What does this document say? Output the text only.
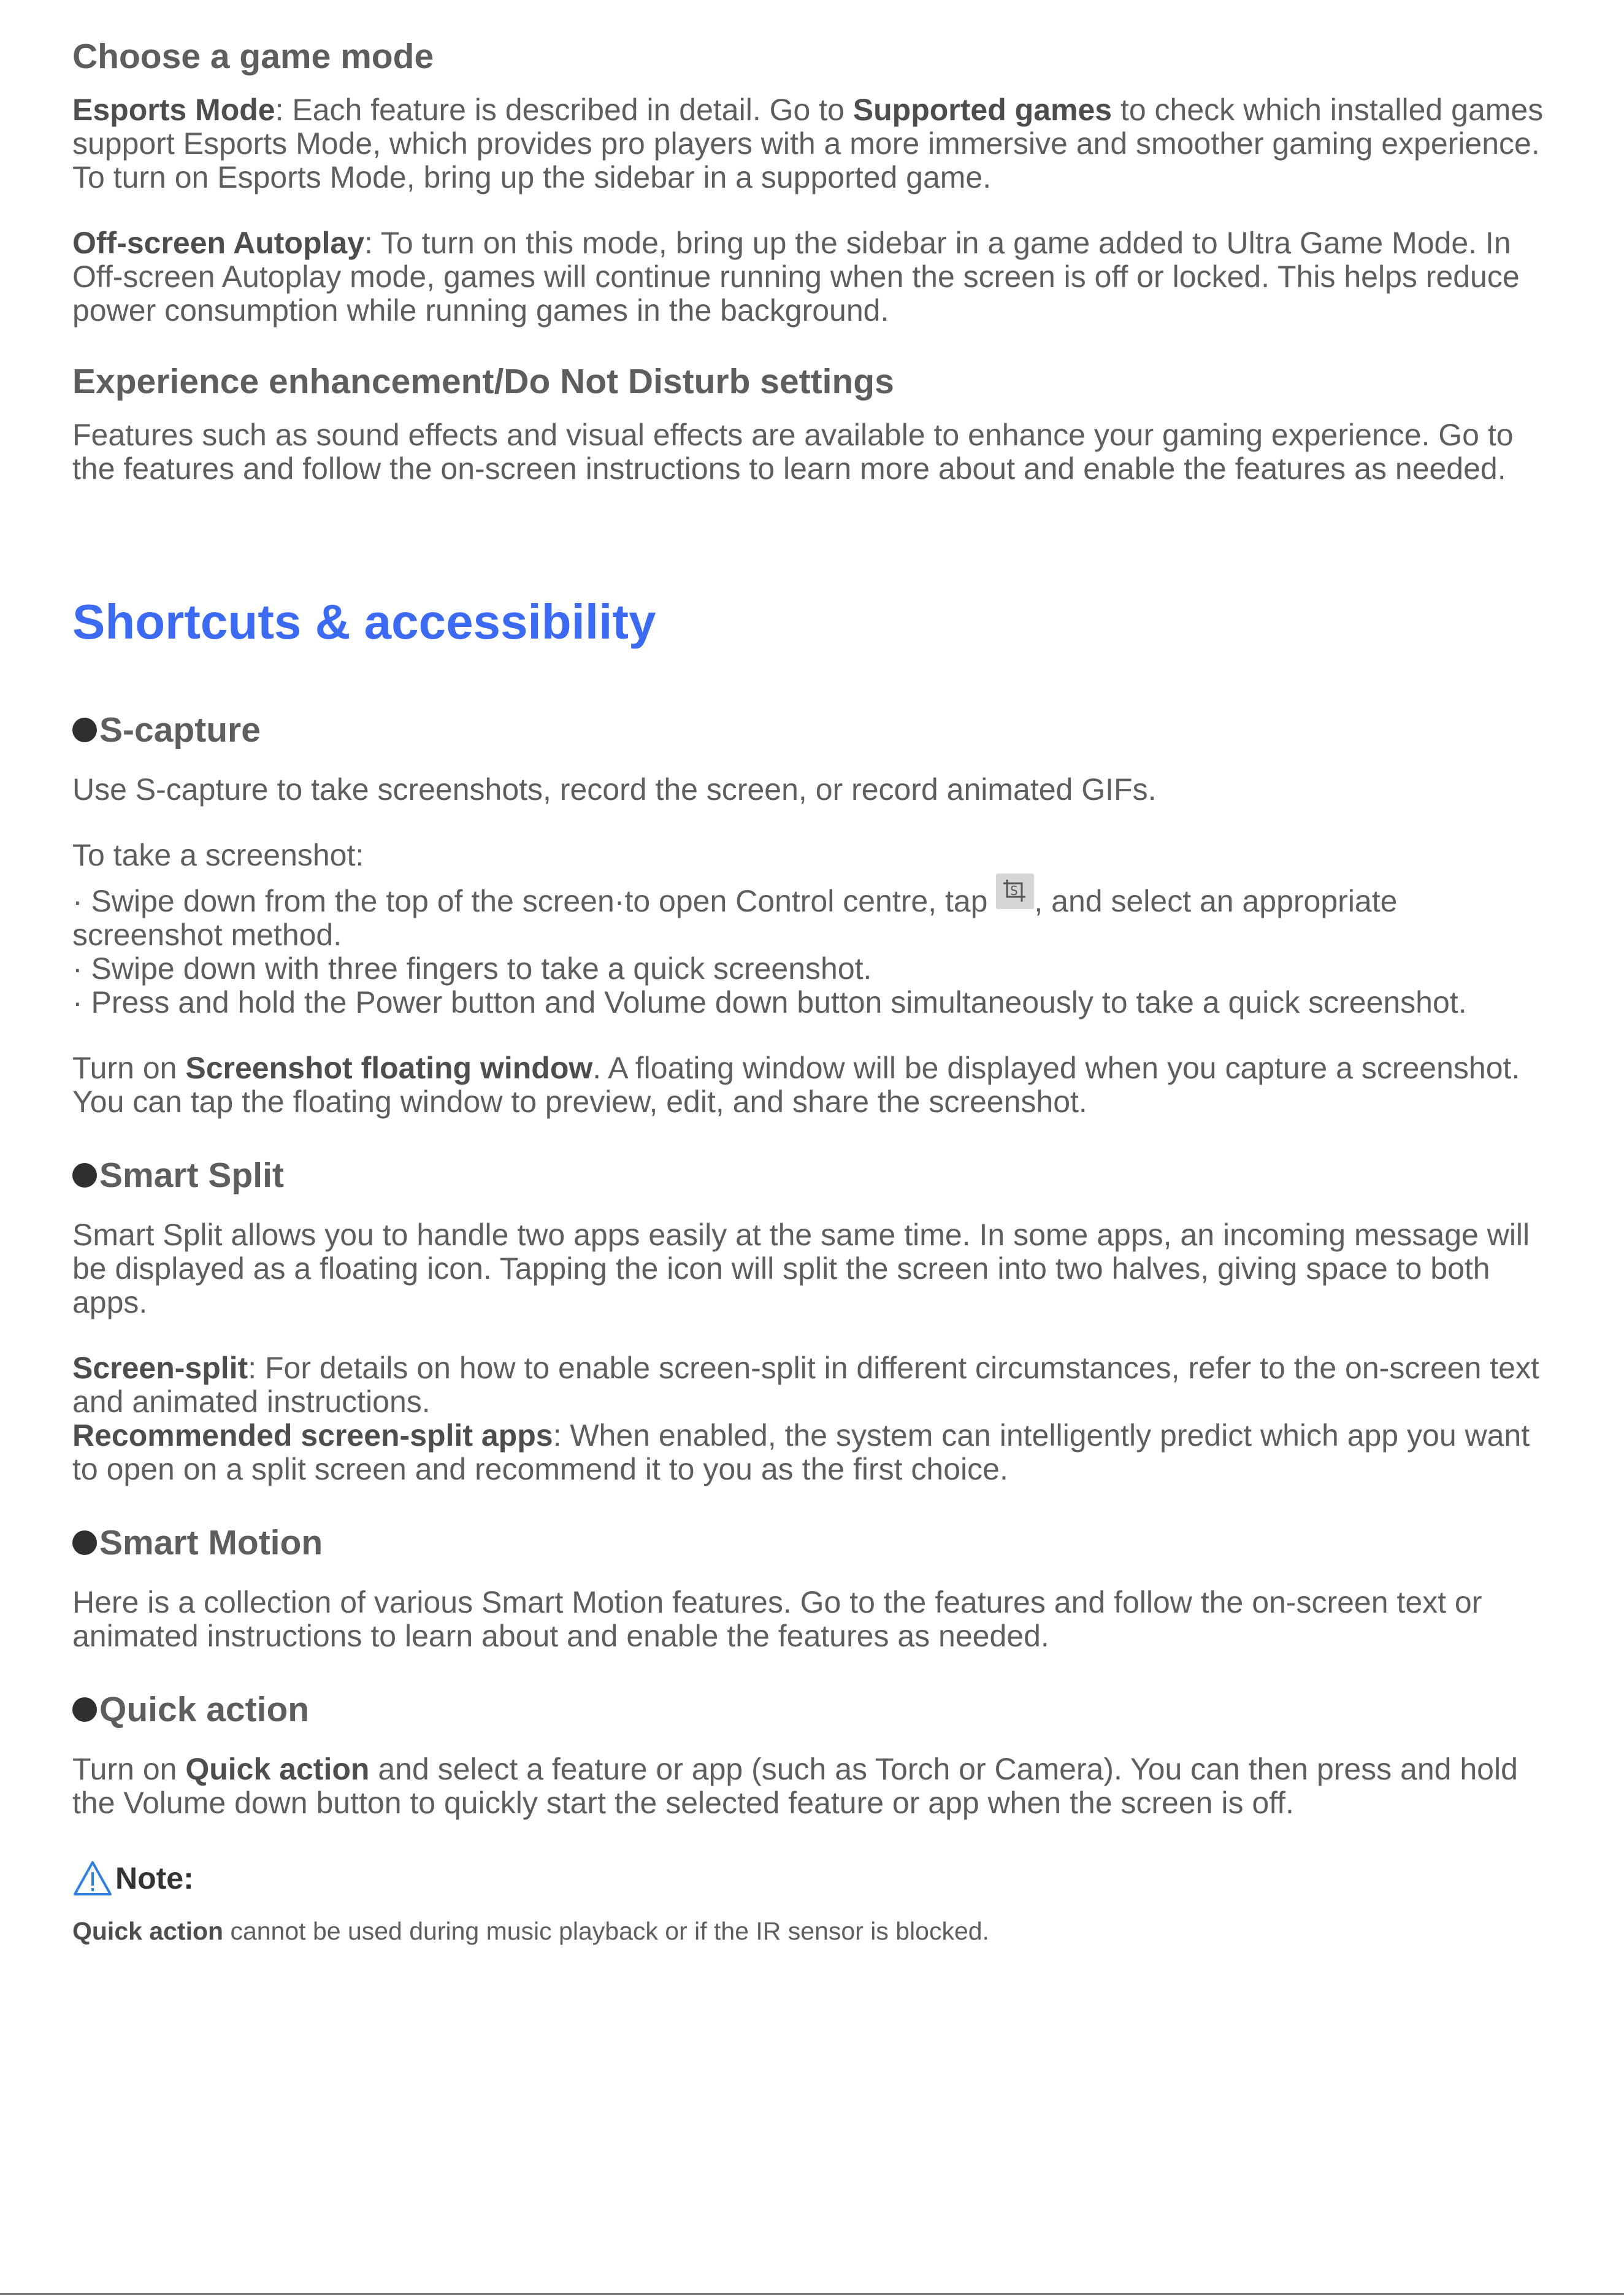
Choose a game mode

Esports Mode: Each feature is described in detail. Go to Supported games to check which installed games support Esports Mode, which provides pro players with a more immersive and smoother gaming experience. To turn on Esports Mode, bring up the sidebar in a supported game.

Off-screen Autoplay: To turn on this mode, bring up the sidebar in a game added to Ultra Game Mode. In Off-screen Autoplay mode, games will continue running when the screen is off or locked. This helps reduce power consumption while running games in the background.

Experience enhancement/Do Not Disturb settings

Features such as sound effects and visual effects are available to enhance your gaming experience. Go to the features and follow the on-screen instructions to learn more about and enable the features as needed.

Shortcuts & accessibility
S-capture

Use S-capture to take screenshots, record the screen, or record animated GIFs.

To take a screenshot:

· Swipe down from the top of the screen·to open Control centre, tap S , and select an appropriate screenshot method.

· Swipe down with three fingers to take a quick screenshot.

· Press and hold the Power button and Volume down button simultaneously to take a quick screenshot.

Turn on Screenshot floating window. A floating window will be displayed when you capture a screenshot. You can tap the floating window to preview, edit, and share the screenshot.

Smart Split

Smart Split allows you to handle two apps easily at the same time. In some apps, an incoming message will be displayed as a floating icon. Tapping the icon will split the screen into two halves, giving space to both apps.

Screen-split: For details on how to enable screen-split in different circumstances, refer to the on-screen text and animated instructions.

Recommended screen-split apps: When enabled, the system can intelligently predict which app you want to open on a split screen and recommend it to you as the first choice.

Smart Motion

Here is a collection of various Smart Motion features. Go to the features and follow the on-screen text or animated instructions to learn about and enable the features as needed.

Quick action

Turn on Quick action and select a feature or app (such as Torch or Camera). You can then press and hold the Volume down button to quickly start the selected feature or app when the screen is off.

Note:

Quick action cannot be used during music playback or if the IR sensor is blocked.
